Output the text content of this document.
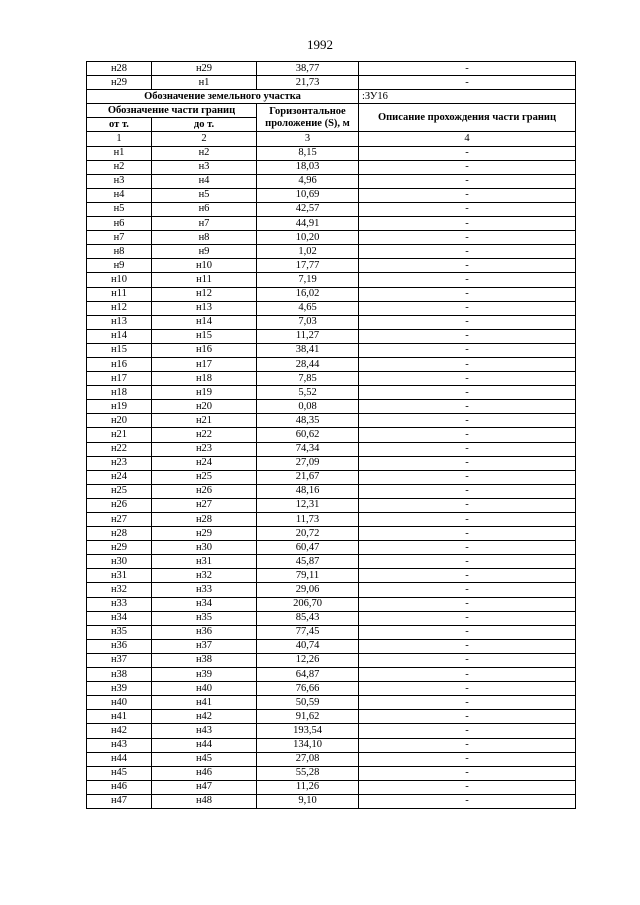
1992
н28	н29	38,77	-
н29	н1	21,73	-
Обозначение земельного участка			:ЗУ16
Обозначение части границ		Горизонтальное проложение (S), м	Описание прохождения части границ
от т.	до т.		
1	2	3	4
н1	н2	8,15	-
н2	н3	18,03	-
н3	н4	4,96	-
н4	н5	10,69	-
н5	н6	42,57	-
н6	н7	44,91	-
н7	н8	10,20	-
н8	н9	1,02	-
н9	н10	17,77	-
н10	н11	7,19	-
н11	н12	16,02	-
н12	н13	4,65	-
н13	н14	7,03	-
н14	н15	11,27	-
н15	н16	38,41	-
н16	н17	28,44	-
н17	н18	7,85	-
н18	н19	5,52	-
н19	н20	0,08	-
н20	н21	48,35	-
н21	н22	60,62	-
н22	н23	74,34	-
н23	н24	27,09	-
н24	н25	21,67	-
н25	н26	48,16	-
н26	н27	12,31	-
н27	н28	11,73	-
н28	н29	20,72	-
н29	н30	60,47	-
н30	н31	45,87	-
н31	н32	79,11	-
н32	н33	29,06	-
н33	н34	206,70	-
н34	н35	85,43	-
н35	н36	77,45	-
н36	н37	40,74	-
н37	н38	12,26	-
н38	н39	64,87	-
н39	н40	76,66	-
н40	н41	50,59	-
н41	н42	91,62	-
н42	н43	193,54	-
н43	н44	134,10	-
н44	н45	27,08	-
н45	н46	55,28	-
н46	н47	11,26	-
н47	н48	9,10	-
